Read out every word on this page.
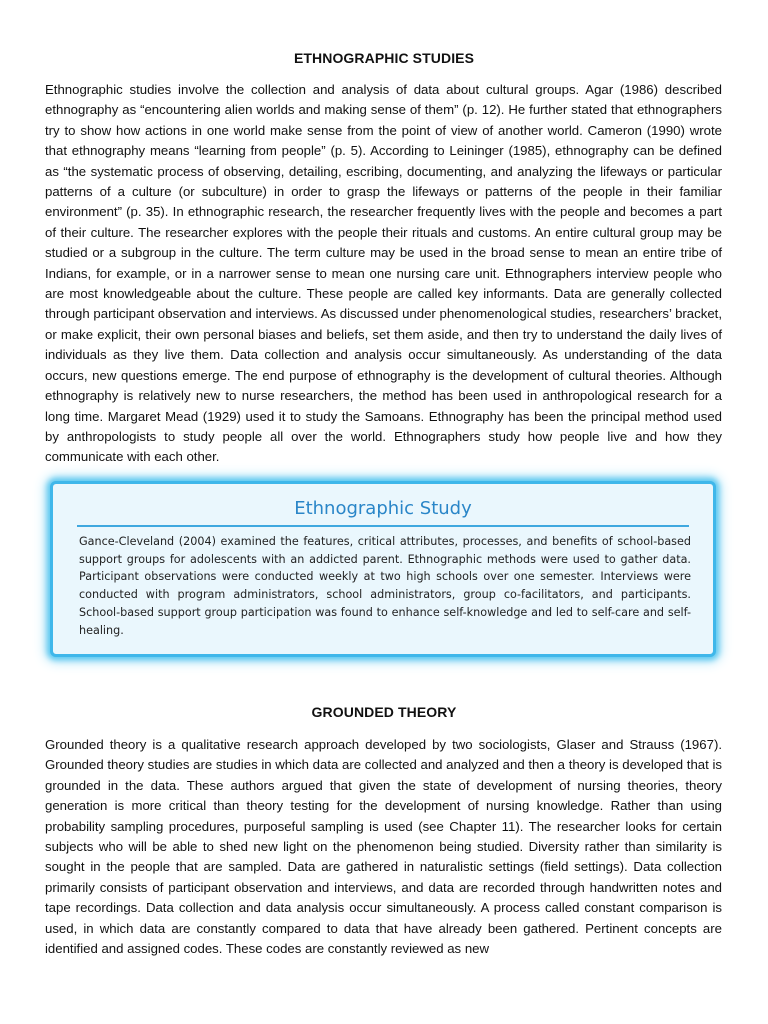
ETHNOGRAPHIC STUDIES

Ethnographic studies involve the collection and analysis of data about cultural groups. Agar (1986) described ethnography as “encountering alien worlds and making sense of them” (p. 12). He further stated that ethnographers try to show how actions in one world make sense from the point of view of another world. Cameron (1990) wrote that ethnography means “learning from people” (p. 5). According to Leininger (1985), ethnography can be defined as “the systematic process of observing, detailing, escribing, documenting, and analyzing the lifeways or particular patterns of a culture (or subculture) in order to grasp the lifeways or patterns of the people in their familiar environment” (p. 35). In ethnographic research, the researcher frequently lives with the people and becomes a part of their culture. The researcher explores with the people their rituals and customs. An entire cultural group may be studied or a subgroup in the culture. The term culture may be used in the broad sense to mean an entire tribe of Indians, for example, or in a narrower sense to mean one nursing care unit. Ethnographers interview people who are most knowledgeable about the culture. These people are called key informants. Data are generally collected through participant observation and interviews. As discussed under phenomenological studies, researchers’ bracket, or make explicit, their own personal biases and beliefs, set them aside, and then try to understand the daily lives of individuals as they live them. Data collection and analysis occur simultaneously. As understanding of the data occurs, new questions emerge. The end purpose of ethnography is the development of cultural theories. Although ethnography is relatively new to nurse researchers, the method has been used in anthropological research for a long time. Margaret Mead (1929) used it to study the Samoans. Ethnography has been the principal method used by anthropologists to study people all over the world. Ethnographers study how people live and how they communicate with each other.

Ethnographic Study

Gance-Cleveland (2004) examined the features, critical attributes, processes, and benefits of school-based support groups for adolescents with an addicted parent. Ethnographic methods were used to gather data. Participant observations were conducted weekly at two high schools over one semester. Interviews were conducted with program administrators, school administrators, group co-facilitators, and participants. School-based support group participation was found to enhance self-knowledge and led to self-care and self-healing.

GROUNDED THEORY

Grounded theory is a qualitative research approach developed by two sociologists, Glaser and Strauss (1967). Grounded theory studies are studies in which data are collected and analyzed and then a theory is developed that is grounded in the data. These authors argued that given the state of development of nursing theories, theory generation is more critical than theory testing for the development of nursing knowledge. Rather than using probability sampling procedures, purposeful sampling is used (see Chapter 11). The researcher looks for certain subjects who will be able to shed new light on the phenomenon being studied. Diversity rather than similarity is sought in the people that are sampled. Data are gathered in naturalistic settings (field settings). Data collection primarily consists of participant observation and interviews, and data are recorded through handwritten notes and tape recordings. Data collection and data analysis occur simultaneously. A process called constant comparison is used, in which data are constantly compared to data that have already been gathered. Pertinent concepts are identified and assigned codes. These codes are constantly reviewed as new
